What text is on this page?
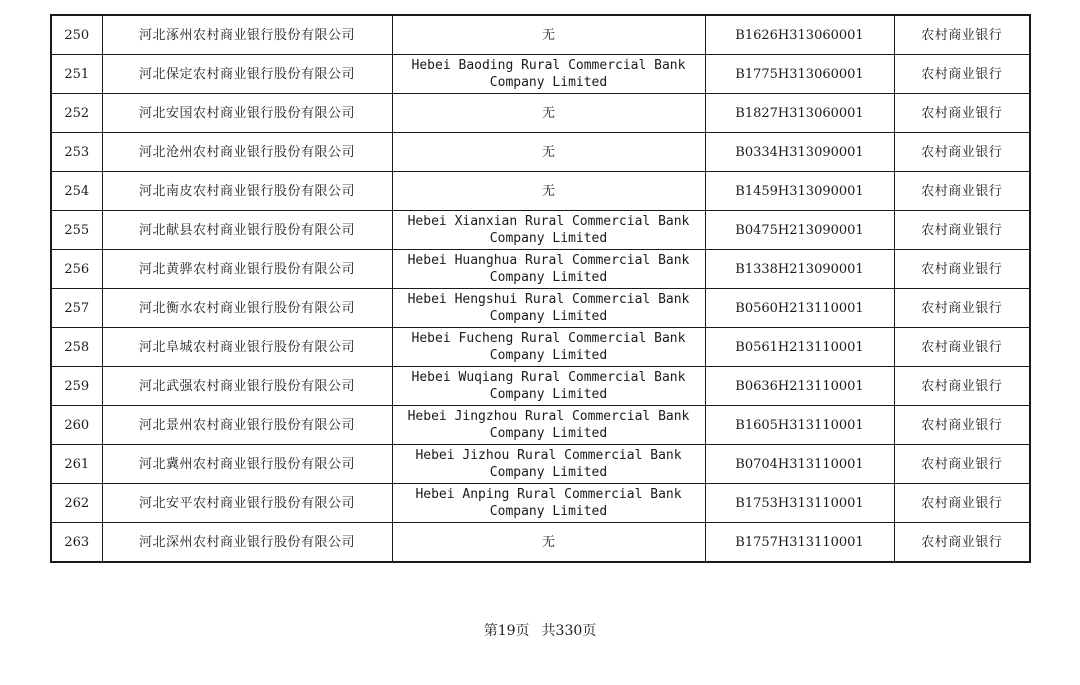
250	河北涿州农村商业银行股份有限公司	无	B1626H313060001	农村商业银行
251	河北保定农村商业银行股份有限公司	Hebei Baoding Rural Commercial Bank Company Limited	B1775H313060001	农村商业银行
252	河北安国农村商业银行股份有限公司	无	B1827H313060001	农村商业银行
253	河北沧州农村商业银行股份有限公司	无	B0334H313090001	农村商业银行
254	河北南皮农村商业银行股份有限公司	无	B1459H313090001	农村商业银行
255	河北献县农村商业银行股份有限公司	Hebei Xianxian Rural Commercial Bank Company Limited	B0475H213090001	农村商业银行
256	河北黄骅农村商业银行股份有限公司	Hebei Huanghua Rural Commercial Bank Company Limited	B1338H213090001	农村商业银行
257	河北衡水农村商业银行股份有限公司	Hebei Hengshui Rural Commercial Bank Company Limited	B0560H213110001	农村商业银行
258	河北阜城农村商业银行股份有限公司	Hebei Fucheng Rural Commercial Bank Company Limited	B0561H213110001	农村商业银行
259	河北武强农村商业银行股份有限公司	Hebei Wuqiang Rural Commercial Bank Company Limited	B0636H213110001	农村商业银行
260	河北景州农村商业银行股份有限公司	Hebei Jingzhou Rural Commercial Bank Company Limited	B1605H313110001	农村商业银行
261	河北冀州农村商业银行股份有限公司	Hebei Jizhou Rural Commercial Bank Company Limited	B0704H313110001	农村商业银行
262	河北安平农村商业银行股份有限公司	Hebei Anping Rural Commercial Bank Company Limited	B1753H313110001	农村商业银行
263	河北深州农村商业银行股份有限公司	无	B1757H313110001	农村商业银行
第19页 共330页
